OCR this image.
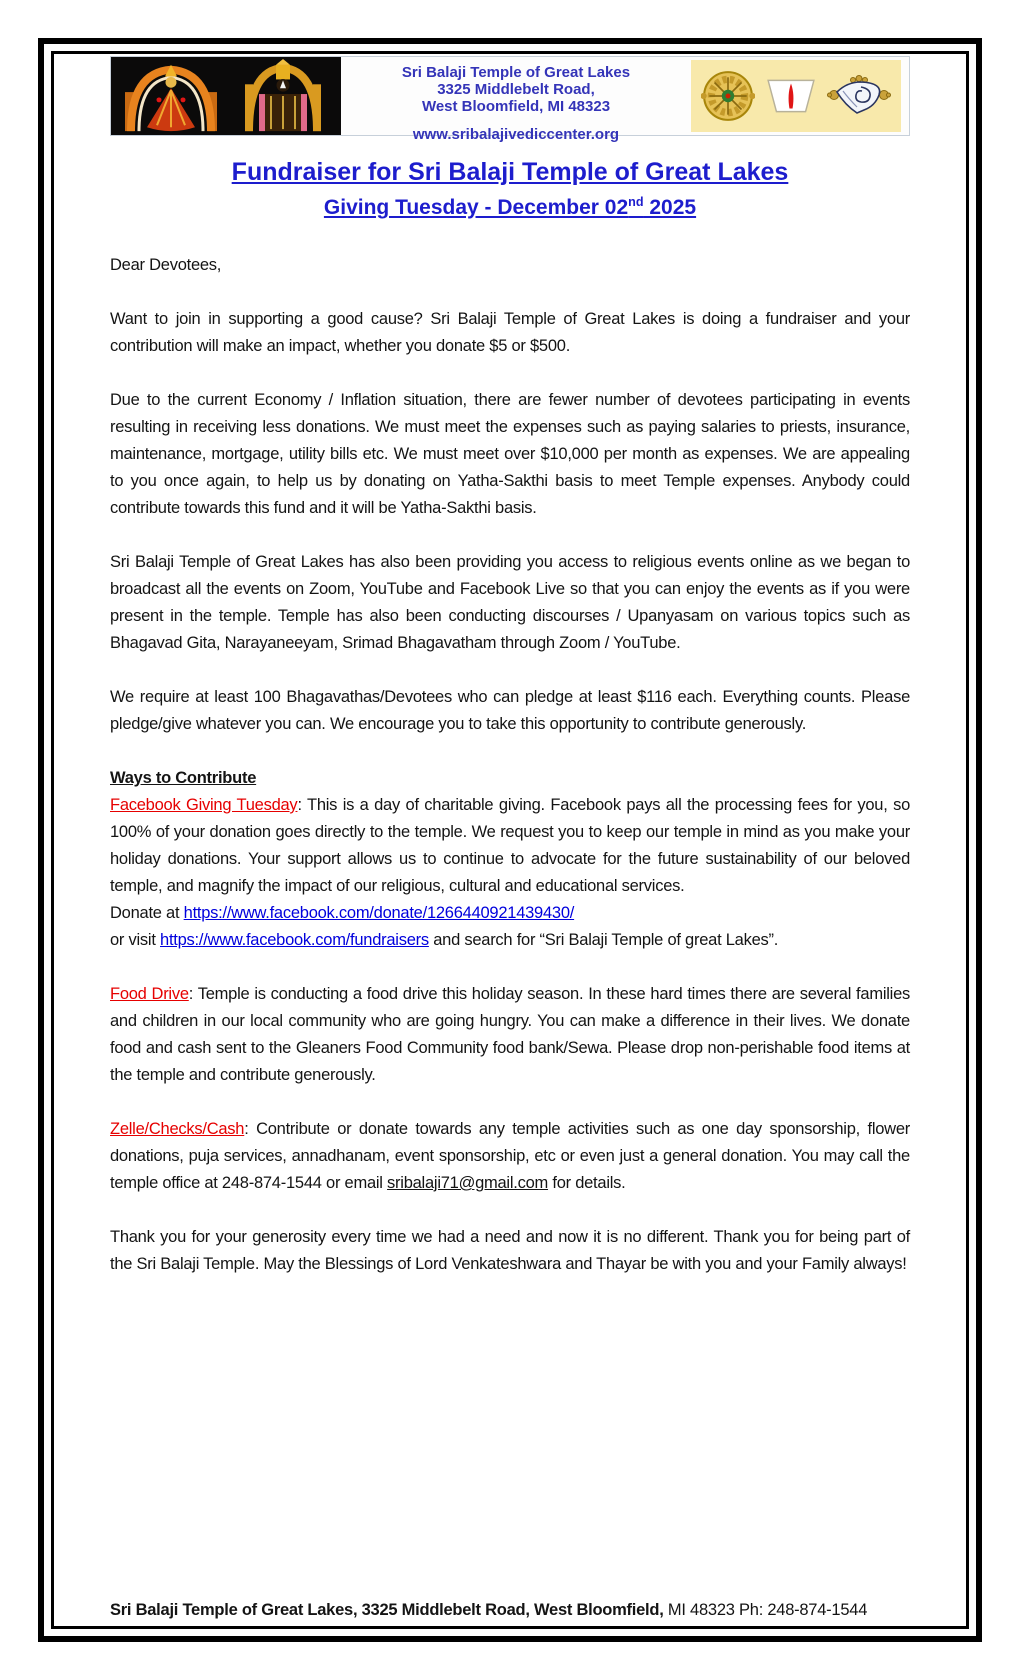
Sri Balaji Temple of Great Lakes
3325 Middlebelt Road,
West Bloomfield, MI 48323
www.sribalajivediccenter.org
Fundraiser for Sri Balaji Temple of Great Lakes
Giving Tuesday - December 02nd 2025

Dear Devotees,

Want to join in supporting a good cause? Sri Balaji Temple of Great Lakes is doing a fundraiser and your contribution will make an impact, whether you donate $5 or $500.

Due to the current Economy / Inflation situation, there are fewer number of devotees participating in events resulting in receiving less donations. We must meet the expenses such as paying salaries to priests, insurance, maintenance, mortgage, utility bills etc. We must meet over $10,000 per month as expenses. We are appealing to you once again, to help us by donating on Yatha-Sakthi basis to meet Temple expenses. Anybody could contribute towards this fund and it will be Yatha-Sakthi basis.

Sri Balaji Temple of Great Lakes has also been providing you access to religious events online as we began to broadcast all the events on Zoom, YouTube and Facebook Live so that you can enjoy the events as if you were present in the temple. Temple has also been conducting discourses / Upanyasam on various topics such as Bhagavad Gita, Narayaneeyam, Srimad Bhagavatham through Zoom / YouTube.

We require at least 100 Bhagavathas/Devotees who can pledge at least $116 each. Everything counts. Please pledge/give whatever you can. We encourage you to take this opportunity to contribute generously.

Ways to Contribute

Facebook Giving Tuesday: This is a day of charitable giving. Facebook pays all the processing fees for you, so 100% of your donation goes directly to the temple. We request you to keep our temple in mind as you make your holiday donations. Your support allows us to continue to advocate for the future sustainability of our beloved temple, and magnify the impact of our religious, cultural and educational services.

Donate at https://www.facebook.com/donate/1266440921439430/

or visit https://www.facebook.com/fundraisers and search for “Sri Balaji Temple of great Lakes”.

Food Drive: Temple is conducting a food drive this holiday season. In these hard times there are several families and children in our local community who are going hungry. You can make a difference in their lives. We donate food and cash sent to the Gleaners Food Community food bank/Sewa. Please drop non-perishable food items at the temple and contribute generously.

Zelle/Checks/Cash: Contribute or donate towards any temple activities such as one day sponsorship, flower donations, puja services, annadhanam, event sponsorship, etc or even just a general donation. You may call the temple office at 248-874-1544 or email sribalaji71@gmail.com for details.

Thank you for your generosity every time we had a need and now it is no different. Thank you for being part of the Sri Balaji Temple. May the Blessings of Lord Venkateshwara and Thayar be with you and your Family always!

Sri Balaji Temple of Great Lakes, 3325 Middlebelt Road, West Bloomfield, MI 48323 Ph: 248-874-1544
